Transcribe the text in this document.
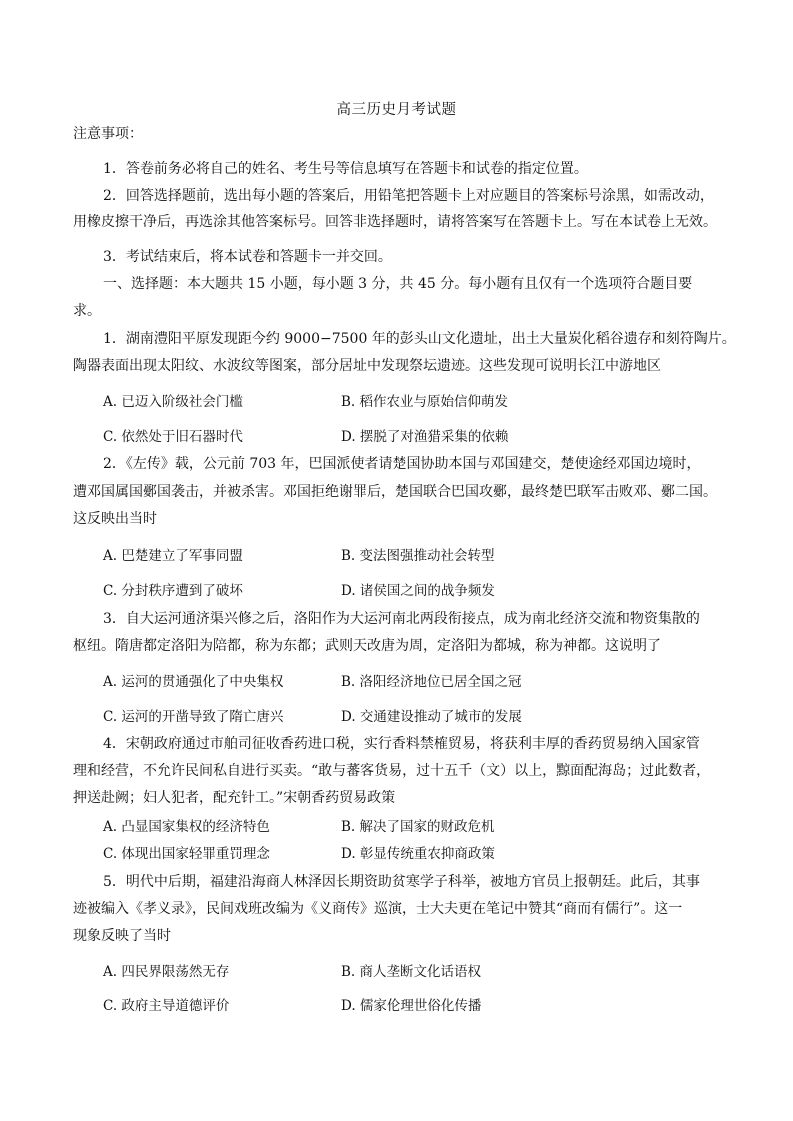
高三历史月考试题
注意事项：
1．答卷前务必将自己的姓名、考生号等信息填写在答题卡和试卷的指定位置。
2．回答选择题前，选出每小题的答案后，用铅笔把答题卡上对应题目的答案标号涂黑，如需改动，
用橡皮擦干净后，再选涂其他答案标号。回答非选择题时，请将答案写在答题卡上。写在本试卷上无效。
3．考试结束后，将本试卷和答题卡一并交回。
一、选择题：本大题共 15 小题，每小题 3 分，共 45 分。每小题有且仅有一个选项符合题目要
求。
1．湖南澧阳平原发现距今约 9000−7500 年的彭头山文化遗址，出土大量炭化稻谷遗存和刻符陶片。
陶器表面出现太阳纹、水波纹等图案，部分居址中发现祭坛遗迹。这些发现可说明长江中游地区
A. 已迈入阶级社会门槛	B. 稻作农业与原始信仰萌发
C. 依然处于旧石器时代	D. 摆脱了对渔猎采集的依赖
2．《左传》载，公元前 703 年，巴国派使者请楚国协助本国与邓国建交，楚使途经邓国边境时，
遭邓国属国鄾国袭击，并被杀害。邓国拒绝谢罪后，楚国联合巴国攻鄾，最终楚巴联军击败邓、鄾二国。
这反映出当时
A. 巴楚建立了军事同盟	B. 变法图强推动社会转型
C. 分封秩序遭到了破坏	D. 诸侯国之间的战争频发
3．自大运河通济渠兴修之后，洛阳作为大运河南北两段衔接点，成为南北经济交流和物资集散的
枢纽。隋唐都定洛阳为陪都，称为东都；武则天改唐为周，定洛阳为都城，称为神都。这说明了
A. 运河的贯通强化了中央集权	B. 洛阳经济地位已居全国之冠
C. 运河的开凿导致了隋亡唐兴	D. 交通建设推动了城市的发展
4．宋朝政府通过市舶司征收香药进口税，实行香料禁榷贸易，将获利丰厚的香药贸易纳入国家管
理和经营，不允许民间私自进行买卖。“敢与蕃客货易，过十五千（文）以上，黥面配海岛；过此数者，
押送赴阙；妇人犯者，配充针工。”宋朝香药贸易政策
A. 凸显国家集权的经济特色	B. 解决了国家的财政危机
C. 体现出国家轻罪重罚理念	D. 彰显传统重农抑商政策
5．明代中后期，福建沿海商人林泽因长期资助贫寒学子科举，被地方官员上报朝廷。此后，其事
迹被编入《孝义录》，民间戏班改编为《义商传》巡演，士大夫更在笔记中赞其“商而有儒行”。这一
现象反映了当时
A. 四民界限荡然无存	B. 商人垄断文化话语权
C. 政府主导道德评价	D. 儒家伦理世俗化传播
